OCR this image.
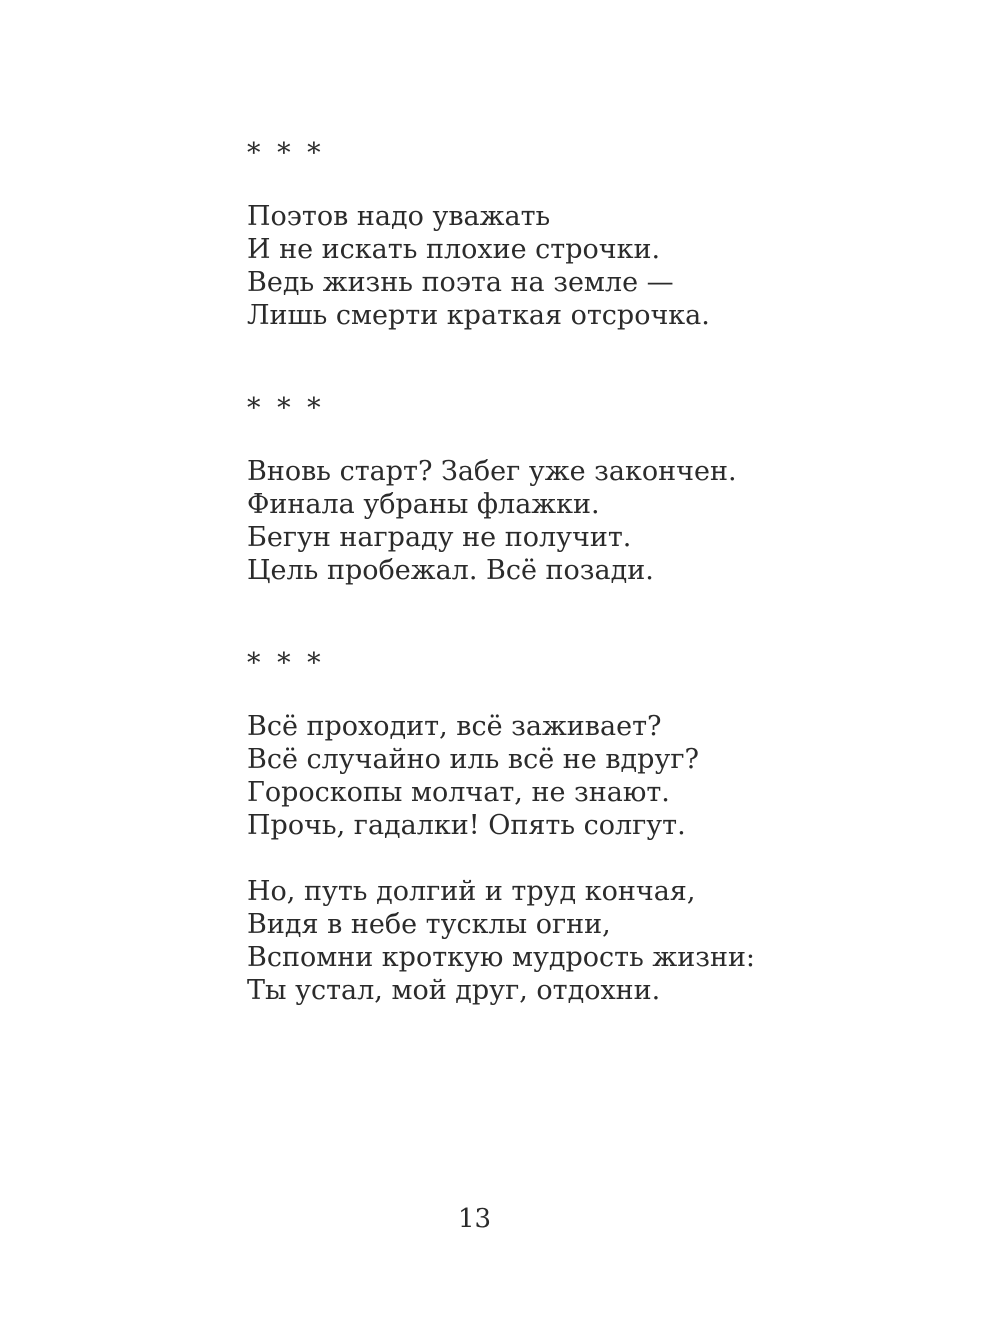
* * *
Поэтов надо уважать
И не искать плохие строчки.
Ведь жизнь поэта на земле —
Лишь смерти краткая отсрочка.
* * *
Вновь старт? Забег уже закончен.
Финала убраны флажки.
Бегун награду не получит.
Цель пробежал. Всё позади.
* * *
Всё проходит, всё заживает?
Всё случайно иль всё не вдруг?
Гороскопы молчат, не знают.
Прочь, гадалки! Опять солгут.
Но, путь долгий и труд кончая,
Видя в небе тусклы огни,
Вспомни кроткую мудрость жизни:
Ты устал, мой друг, отдохни.
13
